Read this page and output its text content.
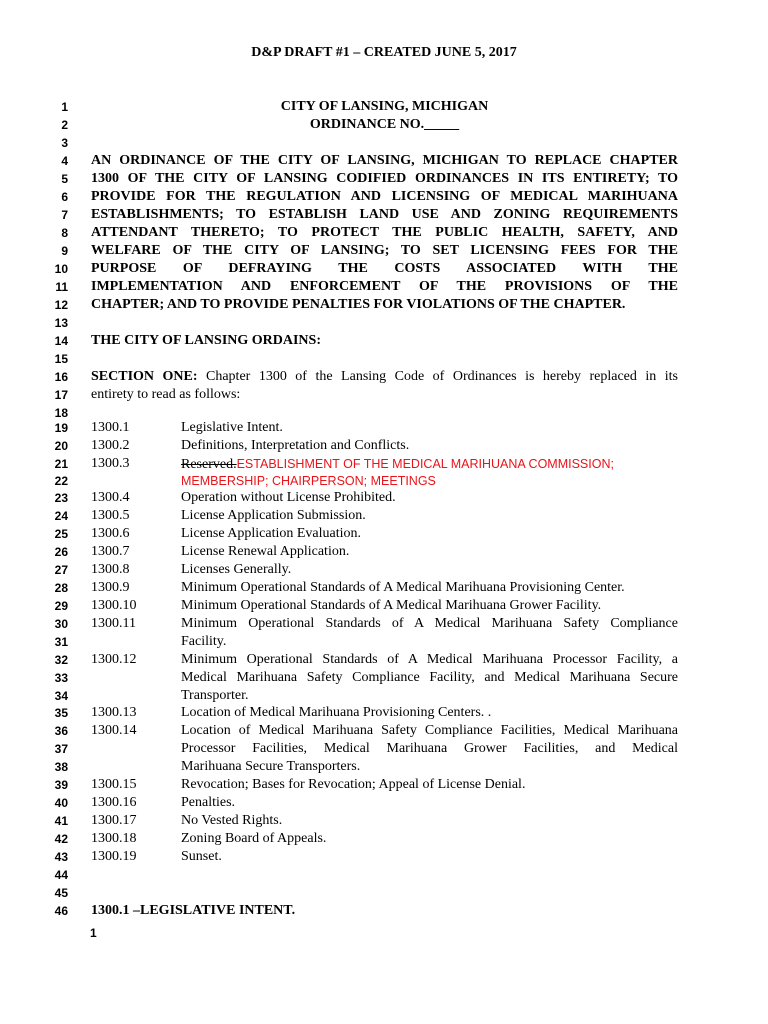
D&P DRAFT #1 – CREATED JUNE 5, 2017
1	CITY OF LANSING, MICHIGAN
2	ORDINANCE NO._____
3
4 AN ORDINANCE OF THE CITY OF LANSING, MICHIGAN TO REPLACE CHAPTER
5 1300 OF THE CITY OF LANSING CODIFIED ORDINANCES IN ITS ENTIRETY; TO
6 PROVIDE FOR THE REGULATION AND LICENSING OF MEDICAL MARIHUANA
7 ESTABLISHMENTS; TO ESTABLISH LAND USE AND ZONING REQUIREMENTS
8 ATTENDANT THERETO; TO PROTECT THE PUBLIC HEALTH, SAFETY, AND
9 WELFARE OF THE CITY OF LANSING; TO SET LICENSING FEES FOR THE
10 PURPOSE OF DEFRAYING THE COSTS ASSOCIATED WITH THE
11 IMPLEMENTATION AND ENFORCEMENT OF THE PROVISIONS OF THE
12 CHAPTER; AND TO PROVIDE PENALTIES FOR VIOLATIONS OF THE CHAPTER.
13
14 THE CITY OF LANSING ORDAINS:
15
16 SECTION ONE: Chapter 1300 of the Lansing Code of Ordinances is hereby replaced in its
17 entirety to read as follows:
18
19 1300.1	Legislative Intent.
20 1300.2	Definitions, Interpretation and Conflicts.
21 1300.3	Reserved.ESTABLISHMENT OF THE MEDICAL MARIHUANA COMMISSION;
22	MEMBERSHIP; CHAIRPERSON; MEETINGS
23 1300.4	Operation without License Prohibited.
24 1300.5	License Application Submission.
25 1300.6	License Application Evaluation.
26 1300.7	License Renewal Application.
27 1300.8	Licenses Generally.
28 1300.9	Minimum Operational Standards of A Medical Marihuana Provisioning Center.
29 1300.10	Minimum Operational Standards of A Medical Marihuana Grower Facility.
30 1300.11	Minimum Operational Standards of A Medical Marihuana Safety Compliance
31	Facility.
32 1300.12	Minimum Operational Standards of A Medical Marihuana Processor Facility, a
33	Medical Marihuana Safety Compliance Facility, and Medical Marihuana Secure
34	Transporter.
35 1300.13	Location of Medical Marihuana Provisioning Centers. .
36 1300.14	Location of Medical Marihuana Safety Compliance Facilities, Medical Marihuana
37	Processor Facilities, Medical Marihuana Grower Facilities, and Medical
38	Marihuana Secure Transporters.
39 1300.15	Revocation; Bases for Revocation; Appeal of License Denial.
40 1300.16	Penalties.
41 1300.17	No Vested Rights.
42 1300.18	Zoning Board of Appeals.
43 1300.19	Sunset.
44
45
46 1300.1 –LEGISLATIVE INTENT.
1
